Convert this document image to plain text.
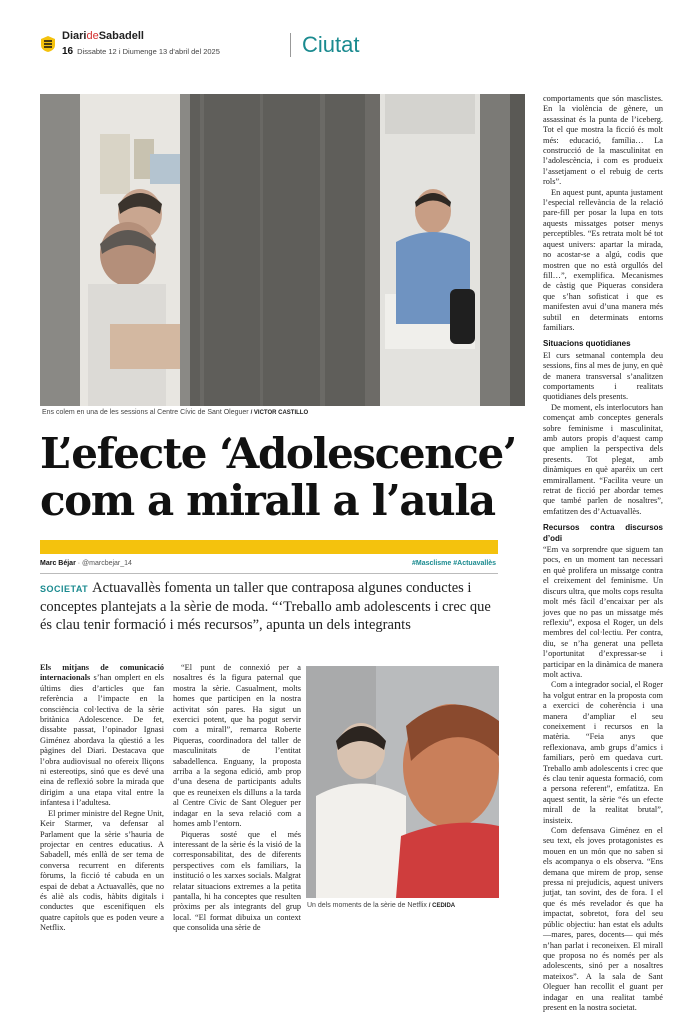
DiarideSabadell
16 Dissabte 12 i Diumenge 13 d'abril del 2025	Ciutat
Ens colem en una de les sessions al Centre Cívic de Sant Oleguer / VICTOR CASTILLO
L’efecte ‘Adolescence’
com a mirall a l’aula
Marc Béjar · @marcbejar_14	#Masclisme #Actuavallès

SOCIETAT Actuavallès fomenta un taller que contraposa algunes conductes i conceptes plantejats a la sèrie de moda. “‘Treballo amb adolescents i crec que és clau tenir formació i més recursos”, apunta un dels integrants

Els mitjans de comunicació internacionals s’han omplert en els últims dies d’articles que fan referència a l’impacte en la consciència col·lectiva de la sèrie britànica Adolescence. De fet, dissabte passat, l’opinador Ignasi Giménez abordava la qüestió a les pàgines del Diari. Destacava que l’obra audiovisual no ofereix lliçons ni estereotips, sinó que es devé una eina de reflexió sobre la mirada que dirigim a una etapa vital entre la infantesa i l’adultesa.

El primer ministre del Regne Unit, Keir Starmer, va defensar al Parlament que la sèrie s’hauria de projectar en centres educatius. A Sabadell, més enllà de ser tema de conversa recurrent en diferents fòrums, la ficció té cabuda en un espai de debat a Actuavallès, que no és aliè als codis, hàbits digitals i conductes que escenifiquen els quatre capítols que es poden veure a Netflix.

“El punt de connexió per a nosaltres és la figura paternal que mostra la sèrie. Casualment, molts homes que participen en la nostra activitat són pares. Ha sigut un exercici potent, que ha pogut servir com a mirall”, remarca Roberte Piqueras, coordinadora del taller de masculinitats de l’entitat sabadellenca. Enguany, la proposta arriba a la segona edició, amb prop d’una desena de participants adults que es reuneixen els dilluns a la tarda al Centre Cívic de Sant Oleguer per indagar en la seva relació com a homes amb l’entorn.

Piqueras sosté que el més interessant de la sèrie és la visió de la corresponsabilitat, des de diferents perspectives com els familiars, la institució o les xarxes socials. Malgrat relatar situacions extremes a la petita pantalla, hi ha conceptes que resulten pròxims per als integrants del grup local. “El format dibuixa un context que consolida una sèrie de

comportaments que són masclistes. En la violència de gènere, un assassinat és la punta de l’iceberg. Tot el que mostra la ficció és molt més: educació, família… La construcció de la masculinitat en l’adolescència, i com es produeix l’assetjament o el rebuig de certs rols”.

En aquest punt, apunta justament l’especial rellevància de la relació pare-fill per posar la lupa en tots aquests missatges potser menys perceptibles. “Es retrata molt bé tot aquest univers: apartar la mirada, no acostar-se a algú, codis que mostren que no està orgullós del fill…”, exemplifica. Mecanismes de càstig que Piqueras considera que s’han sofisticat i que es manifesten avui d’una manera més subtil en determinats entorns familiars.

Situacions quotidianes

El curs setmanal contempla deu sessions, fins al mes de juny, en què de manera transversal s’analitzen comportaments i realitats quotidianes dels presents.

De moment, els interlocutors han començat amb conceptes generals sobre feminisme i masculinitat, amb autors propis d’aquest camp que amplien la perspectiva dels presents. Tot plegat, amb dinàmiques en què aparéix un cert emmirallament. “Facilita veure un retrat de ficció per abordar temes que també parlen de nosaltres”, emfatitzen des d’Actuavallès.

Recursos contra discursos d’odi

“Em va sorprendre que siguem tan pocs, en un moment tan necessari en què prolifera un missatge contra el creixement del feminisme. Un discurs ultra, que molts cops resulta molt més fàcil d’encaixar per als joves que no pas un missatge més reflexiu”, exposa el Roger, un dels membres del col·lectiu. Per contra, diu, se n’ha generat una pelleta l’oportunitat d’expressar-se i participar en la dinàmica de manera molt activa.

Com a integrador social, el Roger ha volgut entrar en la proposta com a exercici de coherència i una manera d’ampliar el seu coneixement i recursos en la matèria. “Feia anys que reflexionava, amb grups d’amics i familiars, però em quedava curt. Treballo amb adolescents i crec que és clau tenir aquesta formació, com a persona referent”, emfatitza. En aquest sentit, la sèrie “és un efecte mirall de la realitat brutal”, insisteix.

Com defensava Giménez en el seu text, els joves protagonistes es mouen en un món que no saben si els acompanya o els observa. “Ens demana que mirem de prop, sense pressa ni prejudicis, aquest univers jutjat, tan sovint, des de fora. I el que és més revelador és que ha impactat, sobretot, fora del seu públic objectiu: han estat els adults —mares, pares, docents— qui més n’han parlat i reconeixen. El mirall que proposa no és només per als adolescents, sinó per a nosaltres mateixos”. A la sala de Sant Oleguer han recollit el guant per indagar en una realitat també present en la nostra societat.

Un dels moments de la sèrie de Netflix / CEDIDA
